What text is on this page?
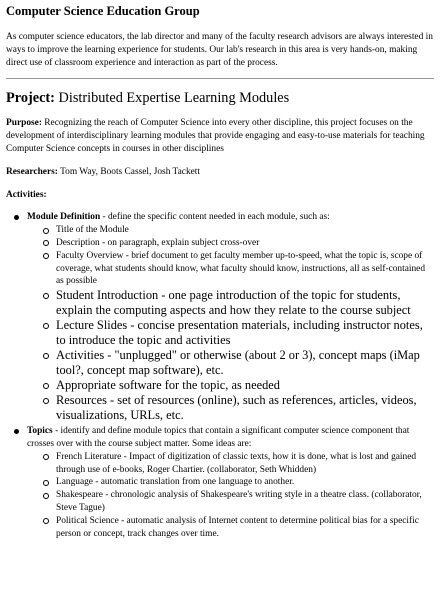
Computer Science Education Group

As computer science educators, the lab director and many of the faculty research advisors are always interested in ways to improve the learning experience for students. Our lab's research in this area is very hands-on, making direct use of classroom experience and interaction as part of the process.

Project: Distributed Expertise Learning Modules

Purpose: Recognizing the reach of Computer Science into every other discipline, this project focuses on the development of interdisciplinary learning modules that provide engaging and easy-to-use materials for teaching Computer Science concepts in courses in other disciplines

Researchers: Tom Way, Boots Cassel, Josh Tackett

Activities:

Module Definition - define the specific content needed in each module, such as:
Title of the Module
Description - on paragraph, explain subject cross-over
Faculty Overview - brief document to get faculty member up-to-speed, what the topic is, scope of coverage, what students should know, what faculty should know, instructions, all as self-contained as possible
Student Introduction - one page introduction of the topic for students, explain the computing aspects and how they relate to the course subject
Lecture Slides - concise presentation materials, including instructor notes, to introduce the topic and activities
Activities - "unplugged" or otherwise (about 2 or 3), concept maps (iMap tool?, concept map software), etc.
Appropriate software for the topic, as needed
Resources - set of resources (online), such as references, articles, videos, visualizations, URLs, etc.
Topics - identify and define module topics that contain a significant computer science component that crosses over with the course subject matter. Some ideas are:
French Literature - Impact of digitization of classic texts, how it is done, what is lost and gained through use of e-books, Roger Chartier. (collaborator, Seth Whidden)
Language - automatic translation from one language to another.
Shakespeare - chronologic analysis of Shakespeare's writing style in a theatre class. (collaborator, Steve Tague)
Political Science - automatic analysis of Internet content to determine political bias for a specific person or concept, track changes over time.
